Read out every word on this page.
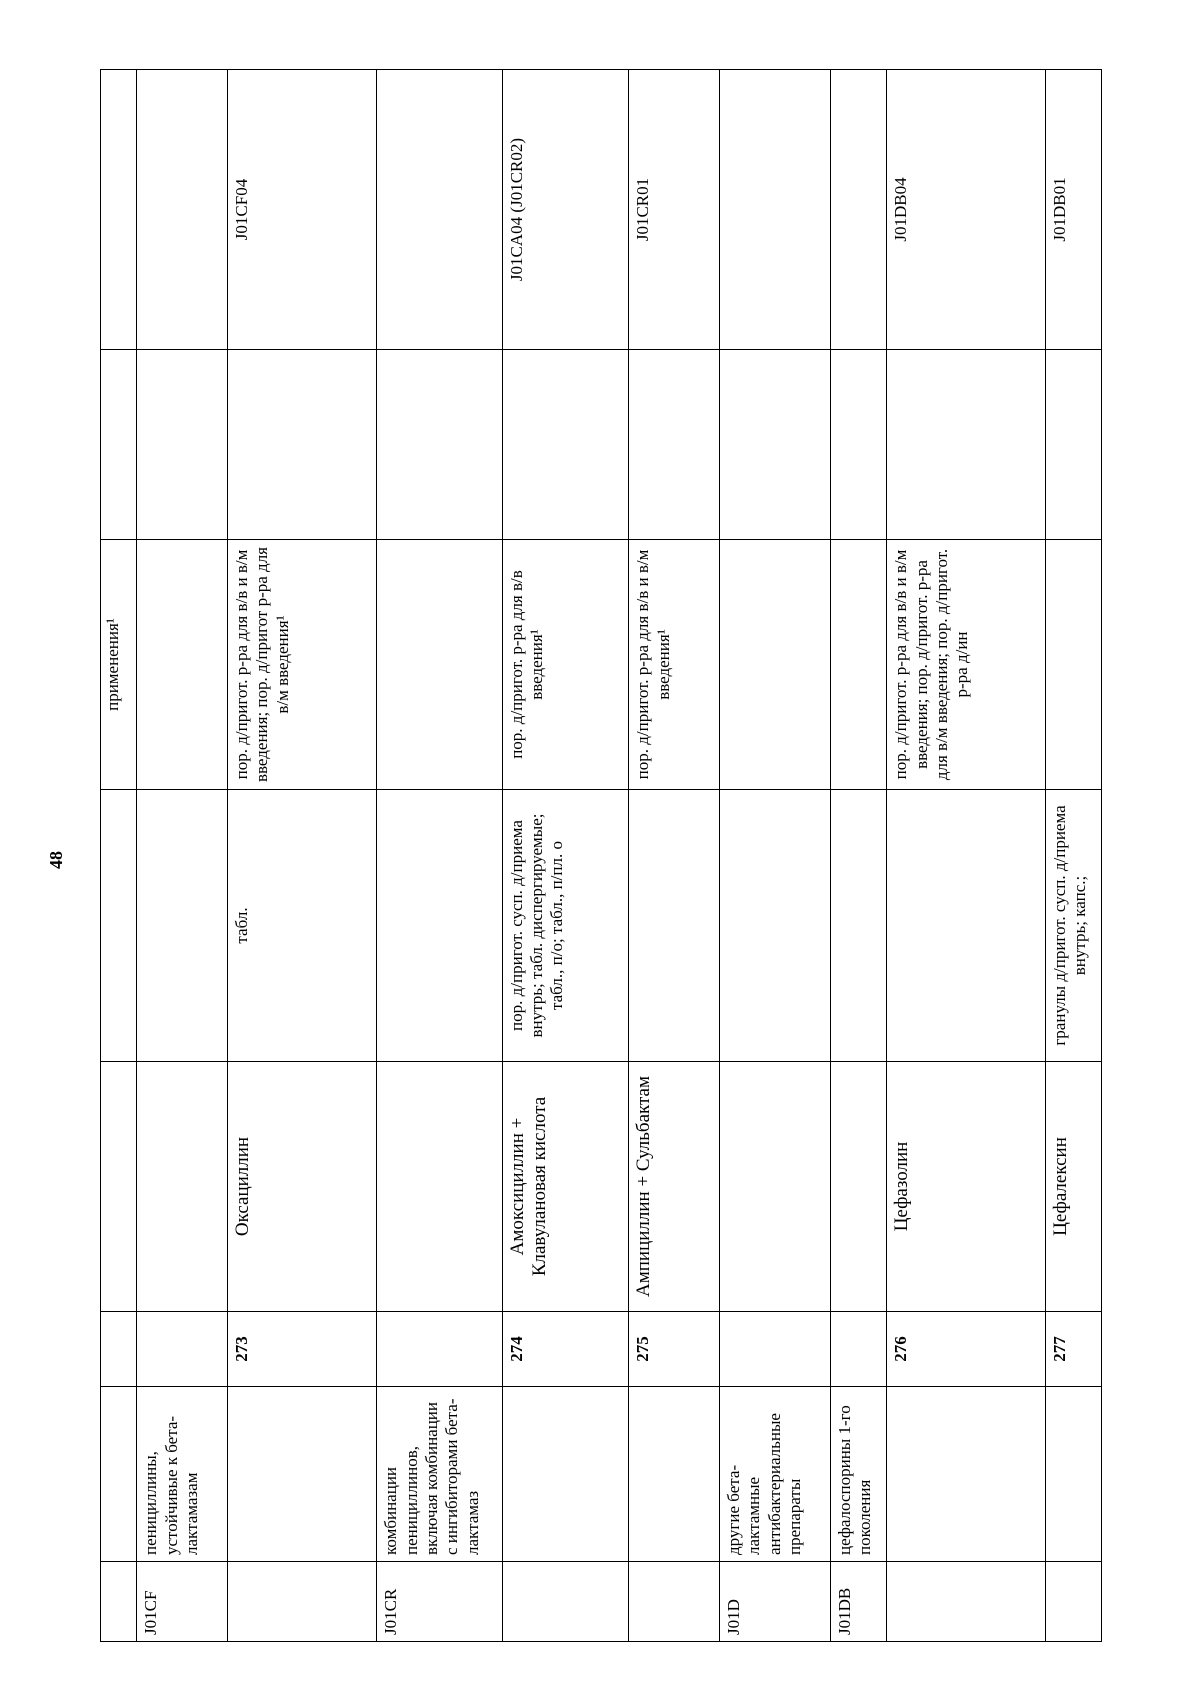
48
					применения¹		
J01CF	пенициллины, устойчивые к бета-лактамазам						
		273	Оксациллин	табл.	пор. д/пригот. р-ра для в/в и в/м введения; пор. д/пригот р-ра для в/м введения¹		J01CF04
J01CR	комбинации пенициллинов, включая комбинации с ингибиторами бета-лактамаз						
		274	Амоксициллин + Клавулановая кислота	пор. д/пригот. сусп. д/приема внутрь; табл. диспергируемые; табл., п/о; табл., п/пл. о	пор. д/пригот. р-ра для в/в введения¹		J01CA04 (J01CR02)
		275	Ампициллин + Сульбактам		пор. д/пригот. р-ра для в/в и в/м введения¹		J01CR01
J01D	другие бета-лактамные антибактериальные препараты						
J01DB	цефалоспорины 1-го поколения						
		276	Цефазолин		пор. д/пригот. р-ра для в/в и в/м введения; пор. д/пригот. р-ра для в/м введения; пор. д/пригот. р-ра д/ин		J01DB04
		277	Цефалексин	гранулы д/пригот. сусп. д/приема внутрь; капс.;			J01DB01
